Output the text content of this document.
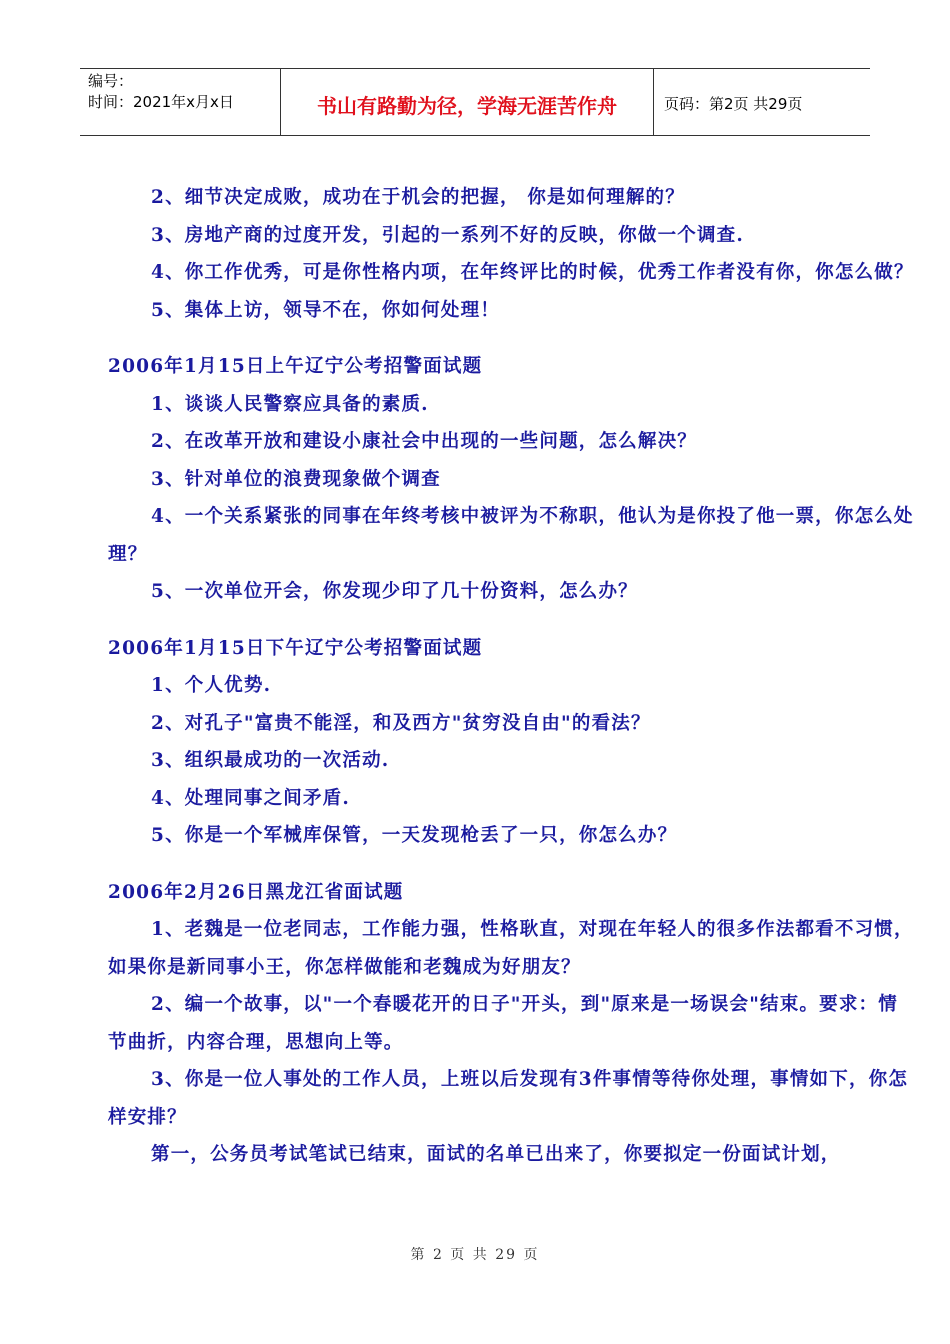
编号：
时间：2021年x月x日	书山有路勤为径，学海无涯苦作舟	页码：第2页 共29页

2、细节决定成败，成功在于机会的把握， 你是如何理解的？

3、房地产商的过度开发，引起的一系列不好的反映，你做一个调查.

4、你工作优秀，可是你性格内项，在年终评比的时候，优秀工作者没有你，你怎么做？

5、集体上访，领导不在，你如何处理！

2006年1月15日上午辽宁公考招警面试题

1、谈谈人民警察应具备的素质.

2、在改革开放和建设小康社会中出现的一些问题，怎么解决？

3、针对单位的浪费现象做个调查

4、一个关系紧张的同事在年终考核中被评为不称职，他认为是你投了他一票，你怎么处理？

5、一次单位开会，你发现少印了几十份资料，怎么办？

2006年1月15日下午辽宁公考招警面试题

1、个人优势.

2、对孔子"富贵不能淫，和及西方"贫穷没自由"的看法？

3、组织最成功的一次活动.

4、处理同事之间矛盾.

5、你是一个军械库保管，一天发现枪丢了一只，你怎么办？

2006年2月26日黑龙江省面试题

1、老魏是一位老同志，工作能力强，性格耿直，对现在年轻人的很多作法都看不习惯，如果你是新同事小王，你怎样做能和老魏成为好朋友？

2、编一个故事，以"一个春暖花开的日子"开头，到"原来是一场误会"结束。要求：情节曲折，内容合理，思想向上等。

3、你是一位人事处的工作人员，上班以后发现有3件事情等待你处理，事情如下，你怎样安排？

第一，公务员考试笔试已结束，面试的名单已出来了，你要拟定一份面试计划，

第 2 页 共 29 页
